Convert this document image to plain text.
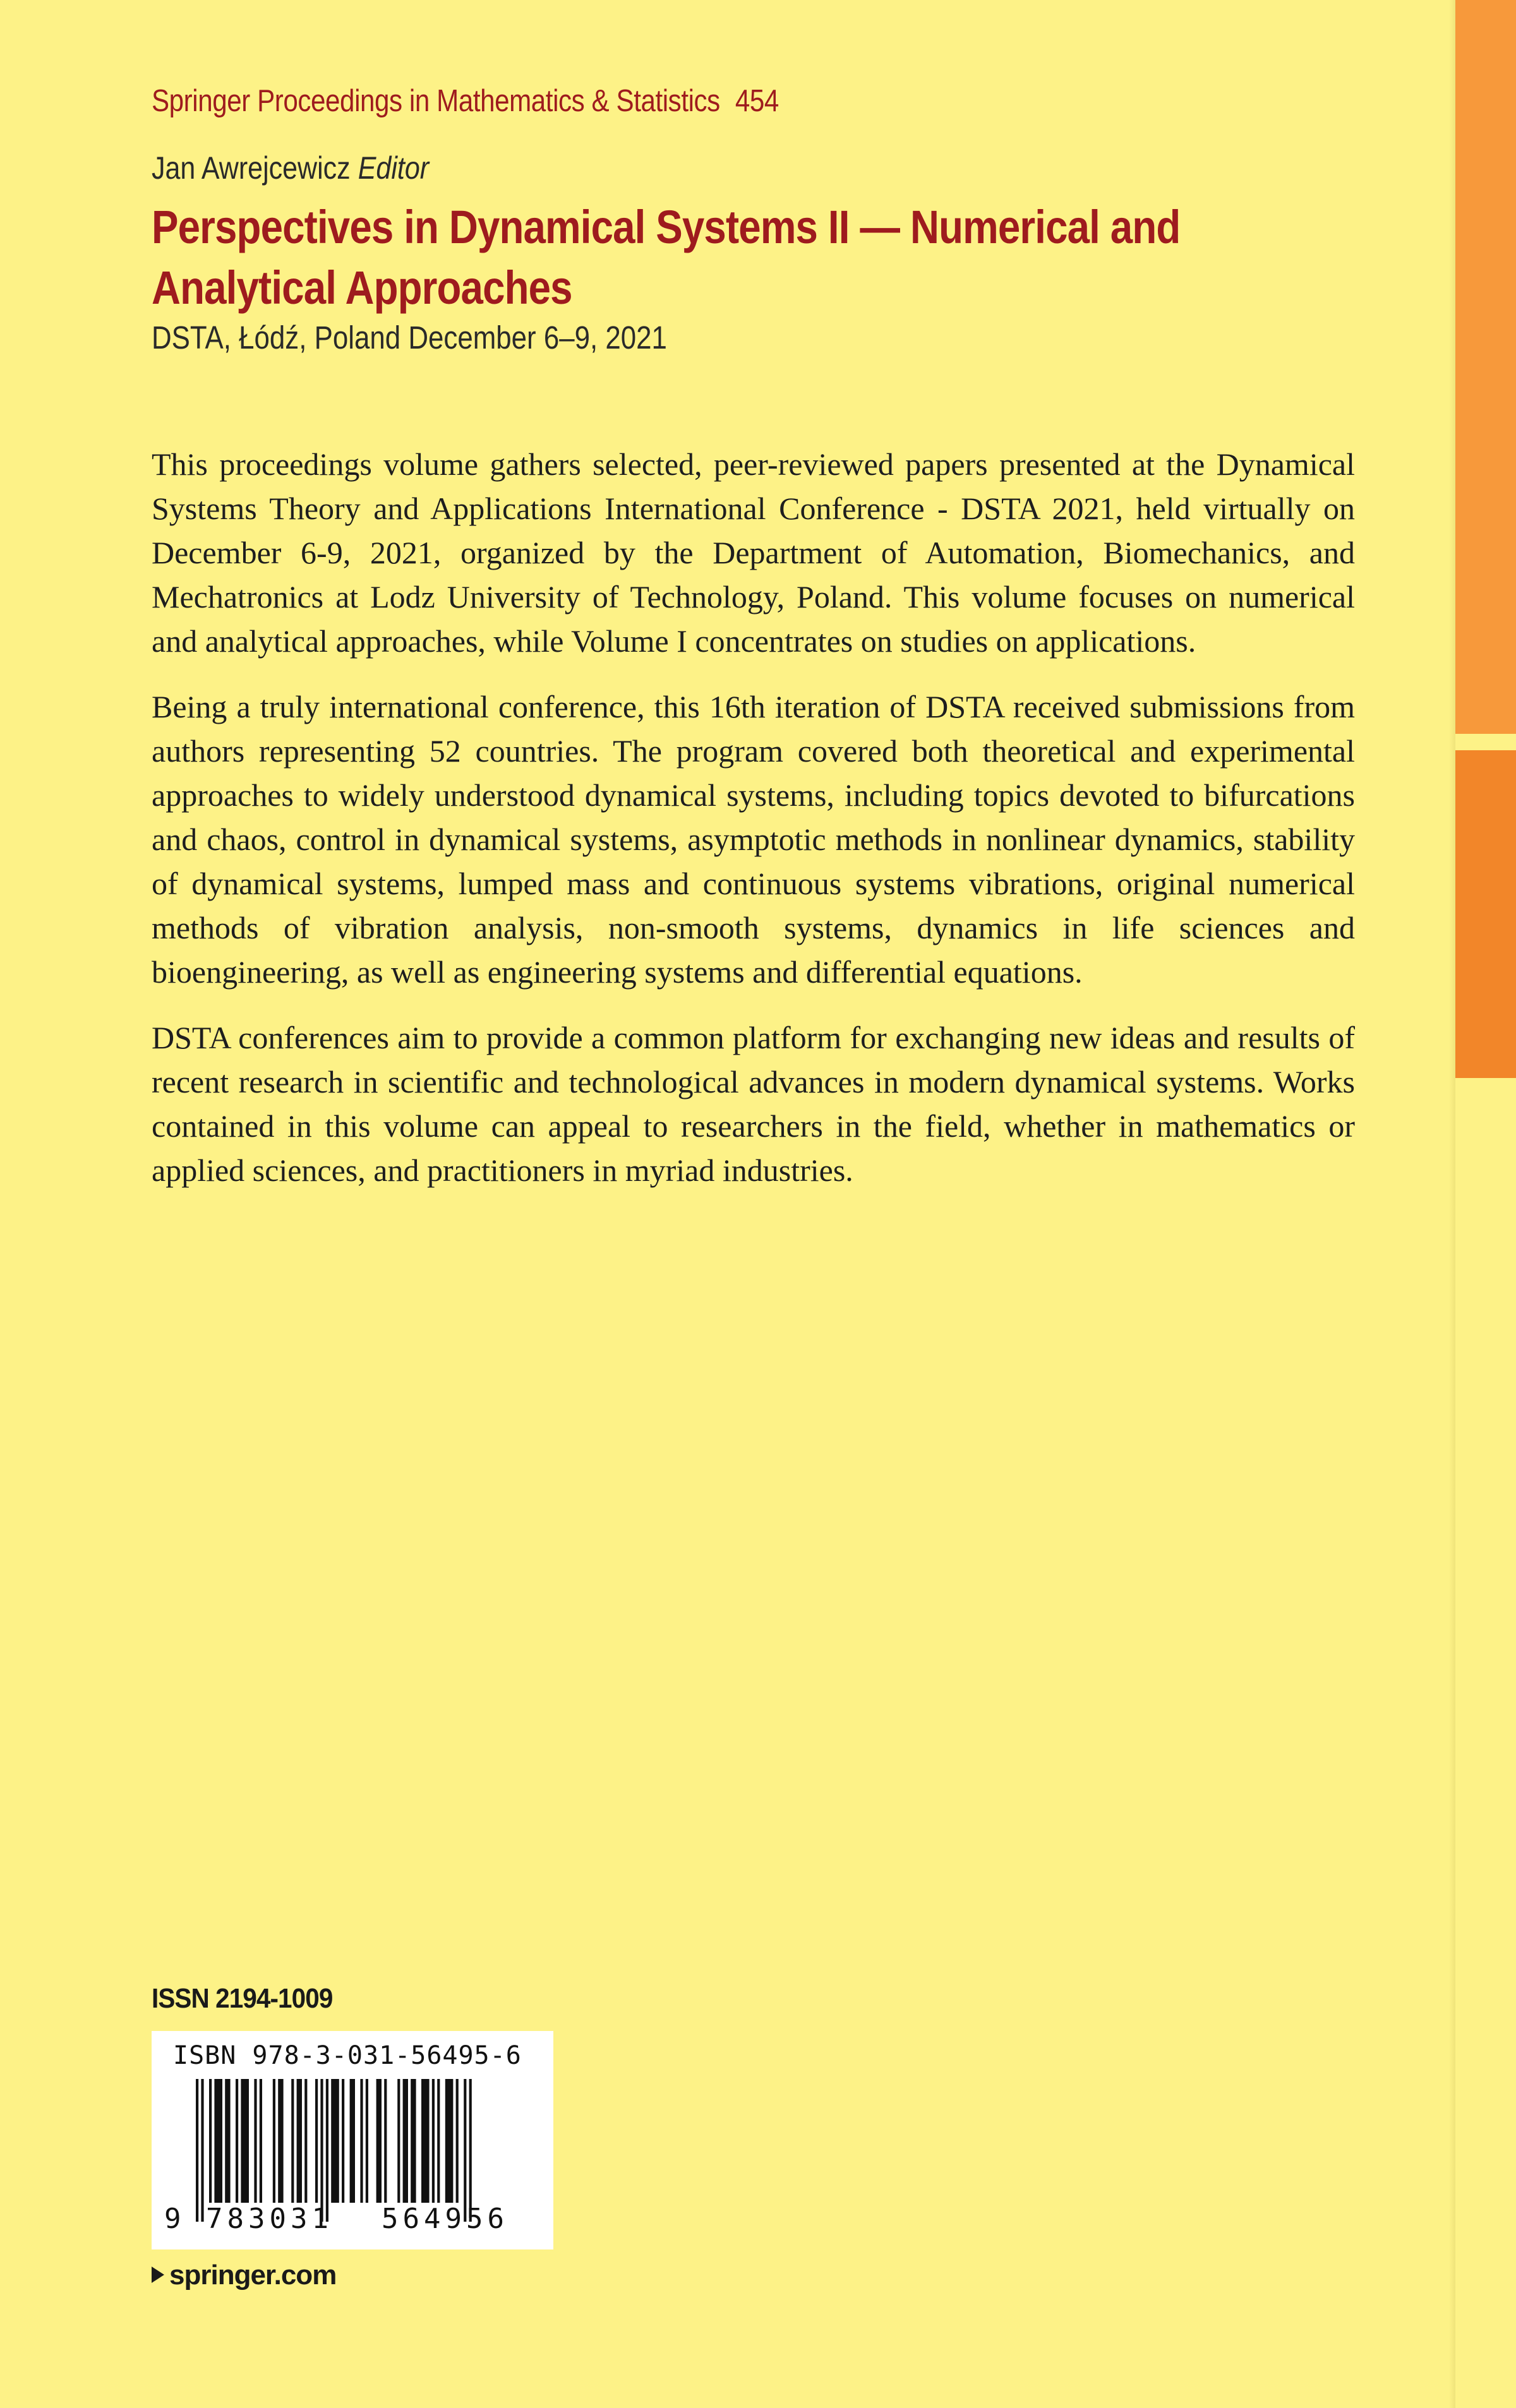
Springer Proceedings in Mathematics & Statistics 454
Jan Awrejcewicz Editor
Perspectives in Dynamical Systems II — Numerical and Analytical Approaches
DSTA, Łódź, Poland December 6–9, 2021

This proceedings volume gathers selected, peer-reviewed papers presented at the Dynamical Systems Theory and Applications International Conference - DSTA 2021, held virtually on December 6-9, 2021, organized by the Department of Automation, Biomechanics, and Mechatronics at Lodz University of Technology, Poland. This volume focuses on numerical and analytical approaches, while Volume I concentrates on studies on applications.

Being a truly international conference, this 16th iteration of DSTA received submissions from authors representing 52 countries. The program covered both theoretical and experimental approaches to widely understood dynamical systems, including topics devoted to bifurcations and chaos, control in dynamical systems, asymptotic methods in nonlinear dynamics, stability of dynamical systems, lumped mass and continuous systems vibrations, original numerical methods of vibration analysis, non-smooth systems, dynamics in life sciences and bioengineering, as well as engineering systems and differential equations.

DSTA conferences aim to provide a common platform for exchanging new ideas and results of recent research in scientific and technological advances in modern dynamical systems. Works contained in this volume can appeal to researchers in the field, whether in mathematics or applied sciences, and practitioners in myriad industries.

ISSN 2194-1009
ISBN 978-3-031-56495-6
9 783031 564956
springer.com
